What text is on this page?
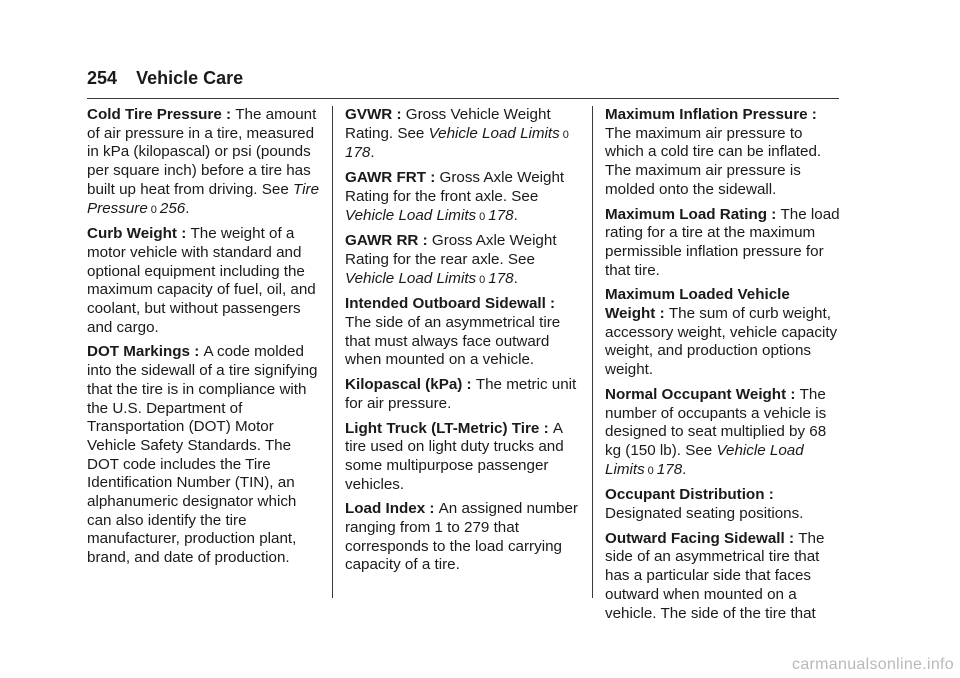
254 Vehicle Care

Cold Tire Pressure : The amount of air pressure in a tire, measured in kPa (kilopascal) or psi (pounds per square inch) before a tire has built up heat from driving. See Tire Pressure 0 256.

Curb Weight : The weight of a motor vehicle with standard and optional equipment including the maximum capacity of fuel, oil, and coolant, but without passengers and cargo.

DOT Markings : A code molded into the sidewall of a tire signifying that the tire is in compliance with the U.S. Department of Transportation (DOT) Motor Vehicle Safety Standards. The DOT code includes the Tire Identification Number (TIN), an alphanumeric designator which can also identify the tire manufacturer, production plant, brand, and date of production.

GVWR : Gross Vehicle Weight Rating. See Vehicle Load Limits 0178.

GAWR FRT : Gross Axle Weight Rating for the front axle. See Vehicle Load Limits 0 178.

GAWR RR : Gross Axle Weight Rating for the rear axle. See Vehicle Load Limits 0 178.

Intended Outboard Sidewall : The side of an asymmetrical tire that must always face outward when mounted on a vehicle.

Kilopascal (kPa) : The metric unit for air pressure.

Light Truck (LT-Metric) Tire : A tire used on light duty trucks and some multipurpose passenger vehicles.

Load Index : An assigned number ranging from 1 to 279 that corresponds to the load carrying capacity of a tire.

Maximum Inflation Pressure : The maximum air pressure to which a cold tire can be inflated. The maximum air pressure is molded onto the sidewall.

Maximum Load Rating : The load rating for a tire at the maximum permissible inflation pressure for that tire.

Maximum Loaded Vehicle Weight : The sum of curb weight, accessory weight, vehicle capacity weight, and production options weight.

Normal Occupant Weight : The number of occupants a vehicle is designed to seat multiplied by 68 kg (150 lb). See Vehicle Load Limits 0 178.

Occupant Distribution : Designated seating positions.

Outward Facing Sidewall : The side of an asymmetrical tire that has a particular side that faces outward when mounted on a vehicle. The side of the tire that

carmanualsonline.info
